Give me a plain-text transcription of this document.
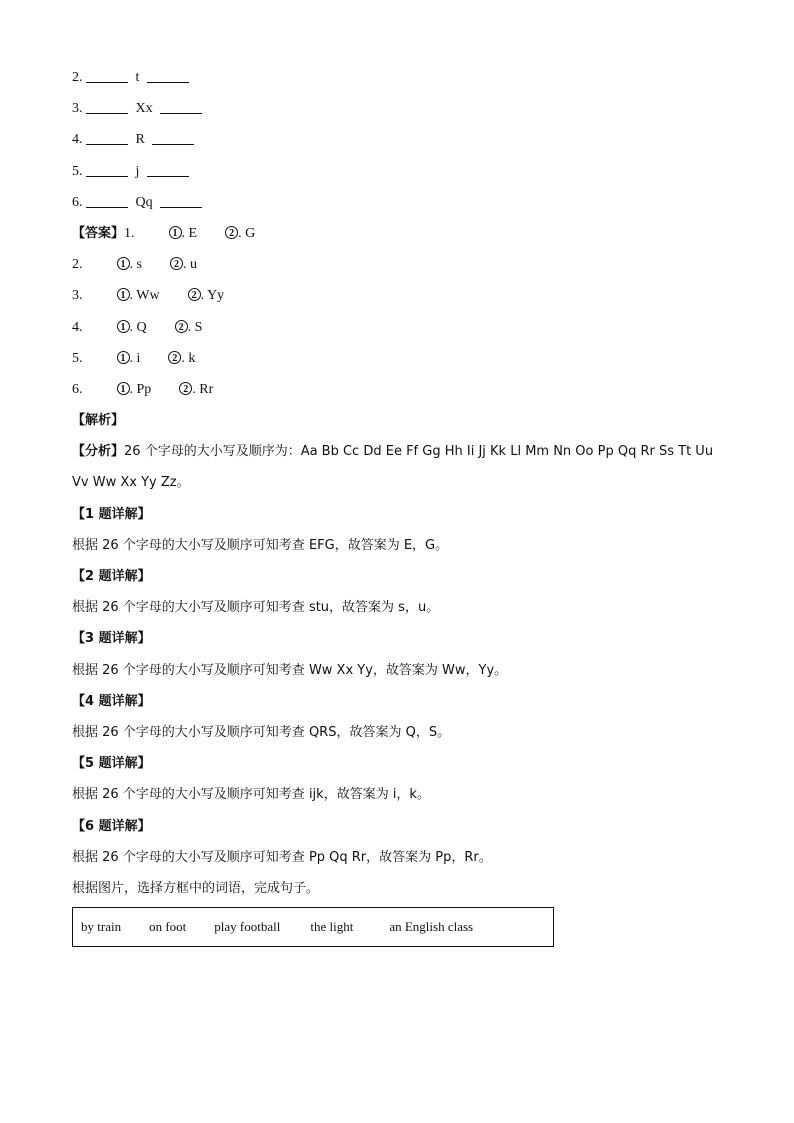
2.	t
3.	Xx
4.	R
5.	j
6.	Qq
【答案】1.	1 . E	2 . G
2.	1 . s	2 . u
3.	1 . Ww	2 . Yy
4.	1 . Q	2 . S
5.	1 . i	2 . k
6.	1 . Pp	2 . Rr
【解析】
【分析】26 个字母的大小写及顺序为：Aa Bb Cc Dd Ee Ff Gg Hh Ii Jj Kk Ll Mm Nn Oo Pp Qq Rr Ss Tt Uu
Vv Ww Xx Yy Zz。
【1 题详解】
根据 26 个字母的大小写及顺序可知考查 EFG，故答案为 E，G。
【2 题详解】
根据 26 个字母的大小写及顺序可知考查 stu，故答案为 s，u。
【3 题详解】
根据 26 个字母的大小写及顺序可知考查 Ww Xx Yy，故答案为 Ww，Yy。
【4 题详解】
根据 26 个字母的大小写及顺序可知考查 QRS，故答案为 Q，S。
【5 题详解】
根据 26 个字母的大小写及顺序可知考查 ijk，故答案为 i，k。
【6 题详解】
根据 26 个字母的大小写及顺序可知考查 Pp Qq Rr，故答案为 Pp，Rr。
根据图片，选择方框中的词语，完成句子。
by train on foot play football the light	an English class
